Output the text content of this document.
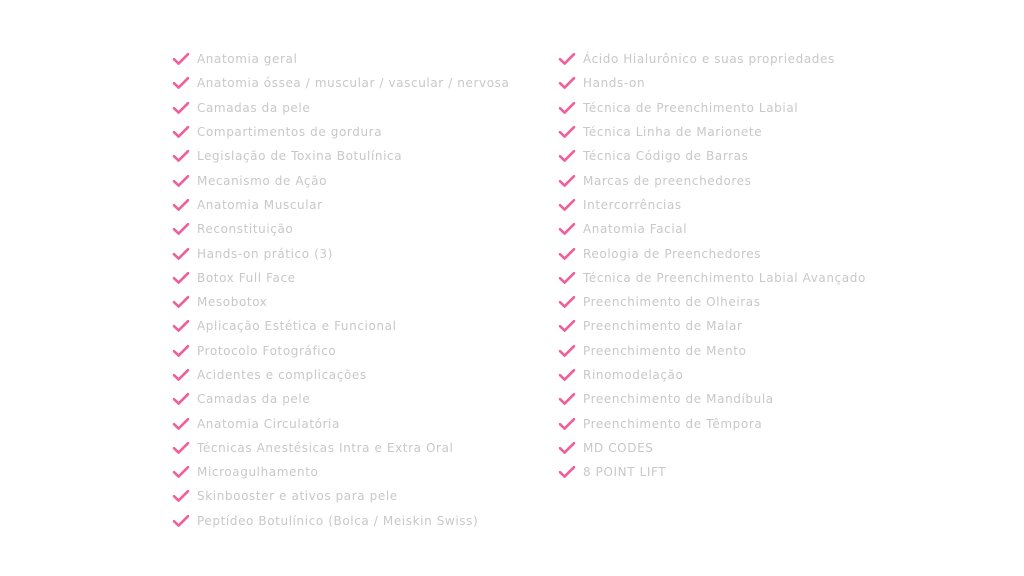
Anatomia geral
Anatomia óssea / muscular / vascular / nervosa
Camadas da pele
Compartimentos de gordura
Legislação de Toxina Botulínica
Mecanismo de Ação
Anatomia Muscular
Reconstituição
Hands-on prático (3)
Botox Full Face
Mesobotox
Aplicação Estética e Funcional
Protocolo Fotográfico
Acidentes e complicações
Camadas da pele
Anatomia Circulatória
Técnicas Anestésicas Intra e Extra Oral
Microagulhamento
Skinbooster e ativos para pele
Peptídeo Botulínico (Bolca / Meiskin Swiss)
Ácido Hialurônico e suas propriedades
Hands-on
Técnica de Preenchimento Labial
Técnica Linha de Marionete
Técnica Código de Barras
Marcas de preenchedores
Intercorrências
Anatomia Facial
Reologia de Preenchedores
Técnica de Preenchimento Labial Avançado
Preenchimento de Olheiras
Preenchimento de Malar
Preenchimento de Mento
Rinomodelação
Preenchimento de Mandíbula
Preenchimento de Têmpora
MD CODES
8 POINT LIFT
